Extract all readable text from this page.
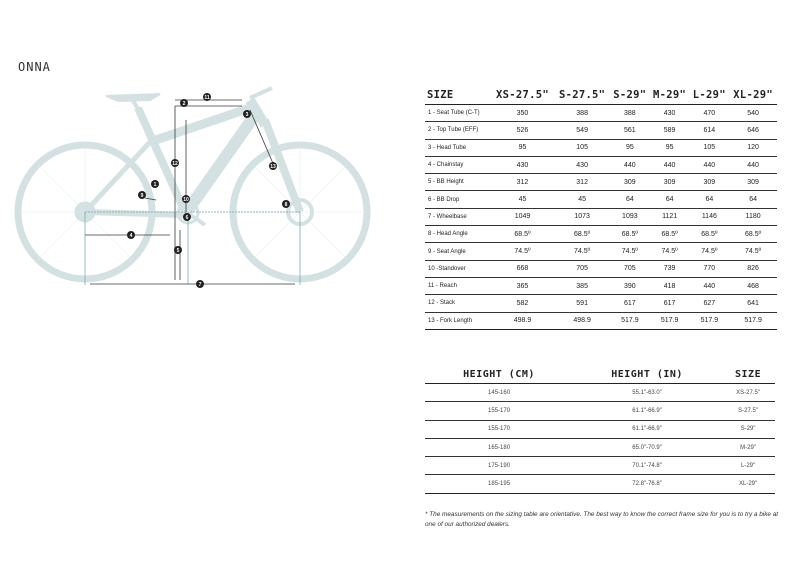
ONNA
1
2
3
4
5
6
7
8
9
10
11
12	13
SIZE	XS-27.5"	S-27.5"	S-29"	M-29"	L-29"	XL-29"
1 - Seat Tube (C-T)	350	388	388	430	470	540
2 - Top Tube (EFF)	526	549	561	589	614	646
3 - Head Tube	95	105	95	95	105	120
4 - Chainstay	430	430	440	440	440	440
5 - BB Height	312	312	309	309	309	309
6 - BB Drop	45	45	64	64	64	64
7 - Wheelbase	1049	1073	1093	1121	1146	1180
8 - Head Angle	68.5º	68.5º	68.5º	68.5º	68.5º	68.5º
9 - Seat Angle	74.5º	74.5º	74.5º	74.5º	74.5º	74.5º
10 -Standover	668	705	705	739	770	826
11 - Reach	365	385	390	418	440	468
12 - Stack	582	591	617	617	627	641
13 - Fork Length	498.9	498.9	517.9	517.9	517.9	517.9
HEIGHT (CM)	HEIGHT (IN)	SIZE
145-160	55.1"-63.0"	XS-27.5"
155-170	61.1"-66.9"	S-27.5"
155-170	61.1"-66.9"	S-29"
165-180	65.0"-70.9"	M-29"
175-190	70.1"-74.8"	L-29"
185-195	72.8"-76.8"	XL-29"
* The measurements on the sizing table are orientative. The best way to know the correct frame size for you is to try a bike at one of our authorized dealers.
